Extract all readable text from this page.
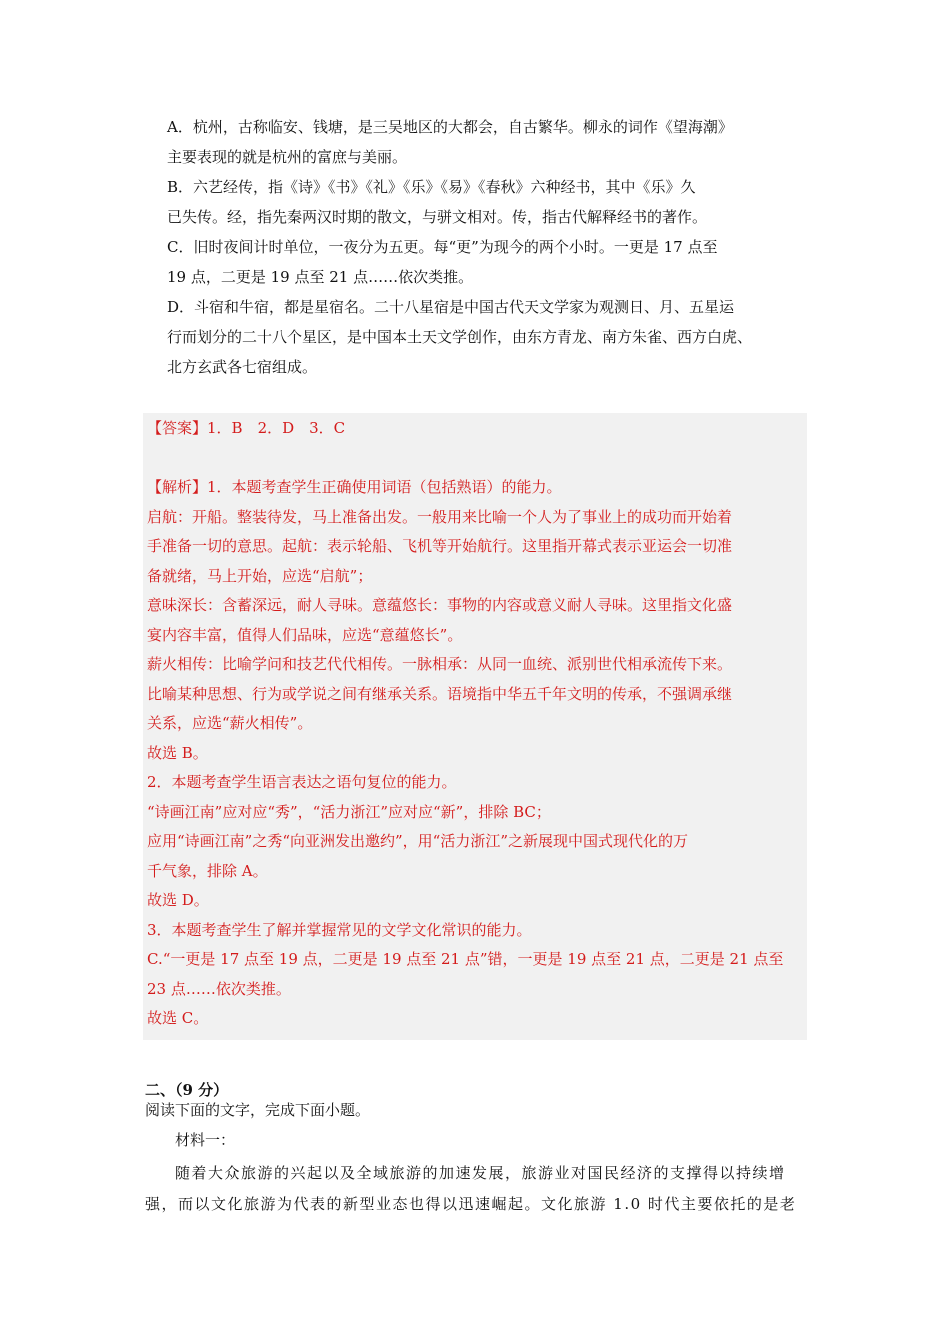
A．杭州，古称临安、钱塘，是三吴地区的大都会，自古繁华。柳永的词作《望海潮》

主要表现的就是杭州的富庶与美丽。

B．六艺经传，指《诗》《书》《礼》《乐》《易》《春秋》六种经书，其中《乐》久

已失传。经，指先秦两汉时期的散文，与骈文相对。传，指古代解释经书的著作。

C．旧时夜间计时单位，一夜分为五更。每“更”为现今的两个小时。一更是 17 点至

19 点，二更是 19 点至 21 点……依次类推。

D．斗宿和牛宿，都是星宿名。二十八星宿是中国古代天文学家为观测日、月、五星运

行而划分的二十八个星区，是中国本土天文学创作，由东方青龙、南方朱雀、西方白虎、

北方玄武各七宿组成。

【答案】1．B　2．D　3．C

【解析】1．本题考查学生正确使用词语（包括熟语）的能力。

启航：开船。整装待发，马上准备出发。一般用来比喻一个人为了事业上的成功而开始着

手准备一切的意思。起航：表示轮船、飞机等开始航行。这里指开幕式表示亚运会一切准

备就绪，马上开始，应选“启航”；

意味深长：含蓄深远，耐人寻味。意蕴悠长：事物的内容或意义耐人寻味。这里指文化盛

宴内容丰富，值得人们品味，应选“意蕴悠长”。

薪火相传：比喻学问和技艺代代相传。一脉相承：从同一血统、派别世代相承流传下来。

比喻某种思想、行为或学说之间有继承关系。语境指中华五千年文明的传承，不强调承继

关系，应选“薪火相传”。

故选 B。

2．本题考查学生语言表达之语句复位的能力。

“诗画江南”应对应“秀”，“活力浙江”应对应“新”，排除 BC；

应用“诗画江南”之秀“向亚洲发出邀约”，用“活力浙江”之新展现中国式现代化的万

千气象，排除 A。

故选 D。

3．本题考查学生了解并掌握常见的文学文化常识的能力。

C.“一更是 17 点至 19 点，二更是 19 点至 21 点”错，一更是 19 点至 21 点，二更是 21 点至

23 点……依次类推。

故选 C。

二、（9 分）

阅读下面的文字，完成下面小题。

材料一：

随着大众旅游的兴起以及全域旅游的加速发展，旅游业对国民经济的支撑得以持续增强，而以文化旅游为代表的新型业态也得以迅速崛起。文化旅游 1.0 时代主要依托的是老
